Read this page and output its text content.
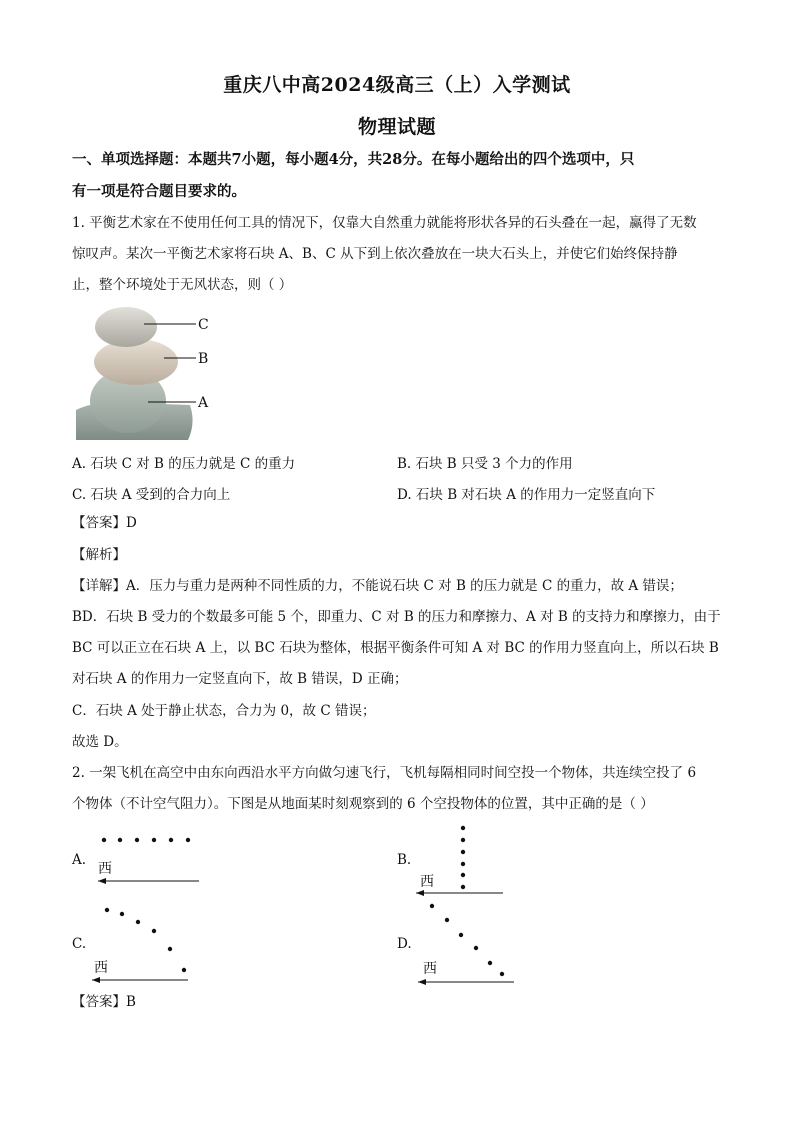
重庆八中高2024级高三（上）入学测试
物理试题
一、单项选择题：本题共7小题，每小题4分，共28分。在每小题给出的四个选项中，只
有一项是符合题目要求的。
1. 平衡艺术家在不使用任何工具的情况下，仅靠大自然重力就能将形状各异的石头叠在一起，赢得了无数
惊叹声。某次一平衡艺术家将石块 A、B、C 从下到上依次叠放在一块大石头上，并使它们始终保持静
止，整个环境处于无风状态，则（ ）
C
B
A
A. 石块 C 对 B 的压力就是 C 的重力	B. 石块 B 只受 3 个力的作用
C. 石块 A 受到的合力向上	D. 石块 B 对石块 A 的作用力一定竖直向下
【答案】D
【解析】
【详解】A．压力与重力是两种不同性质的力，不能说石块 C 对 B 的压力就是 C 的重力，故 A 错误；
BD．石块 B 受力的个数最多可能 5 个，即重力、C 对 B 的压力和摩擦力、A 对 B 的支持力和摩擦力，由于
BC 可以正立在石块 A 上，以 BC 石块为整体，根据平衡条件可知 A 对 BC 的作用力竖直向上，所以石块 B
对石块 A 的作用力一定竖直向下，故 B 错误，D 正确；
C．石块 A 处于静止状态，合力为 0，故 C 错误；
故选 D。
2. 一架飞机在高空中由东向西沿水平方向做匀速飞行，飞机每隔相同时间空投一个物体，共连续空投了 6
个物体（不计空气阻力）。下图是从地面某时刻观察到的 6 个空投物体的位置，其中正确的是（ ）
A.
西
B.
西
C.
西
D.
西
【答案】B
